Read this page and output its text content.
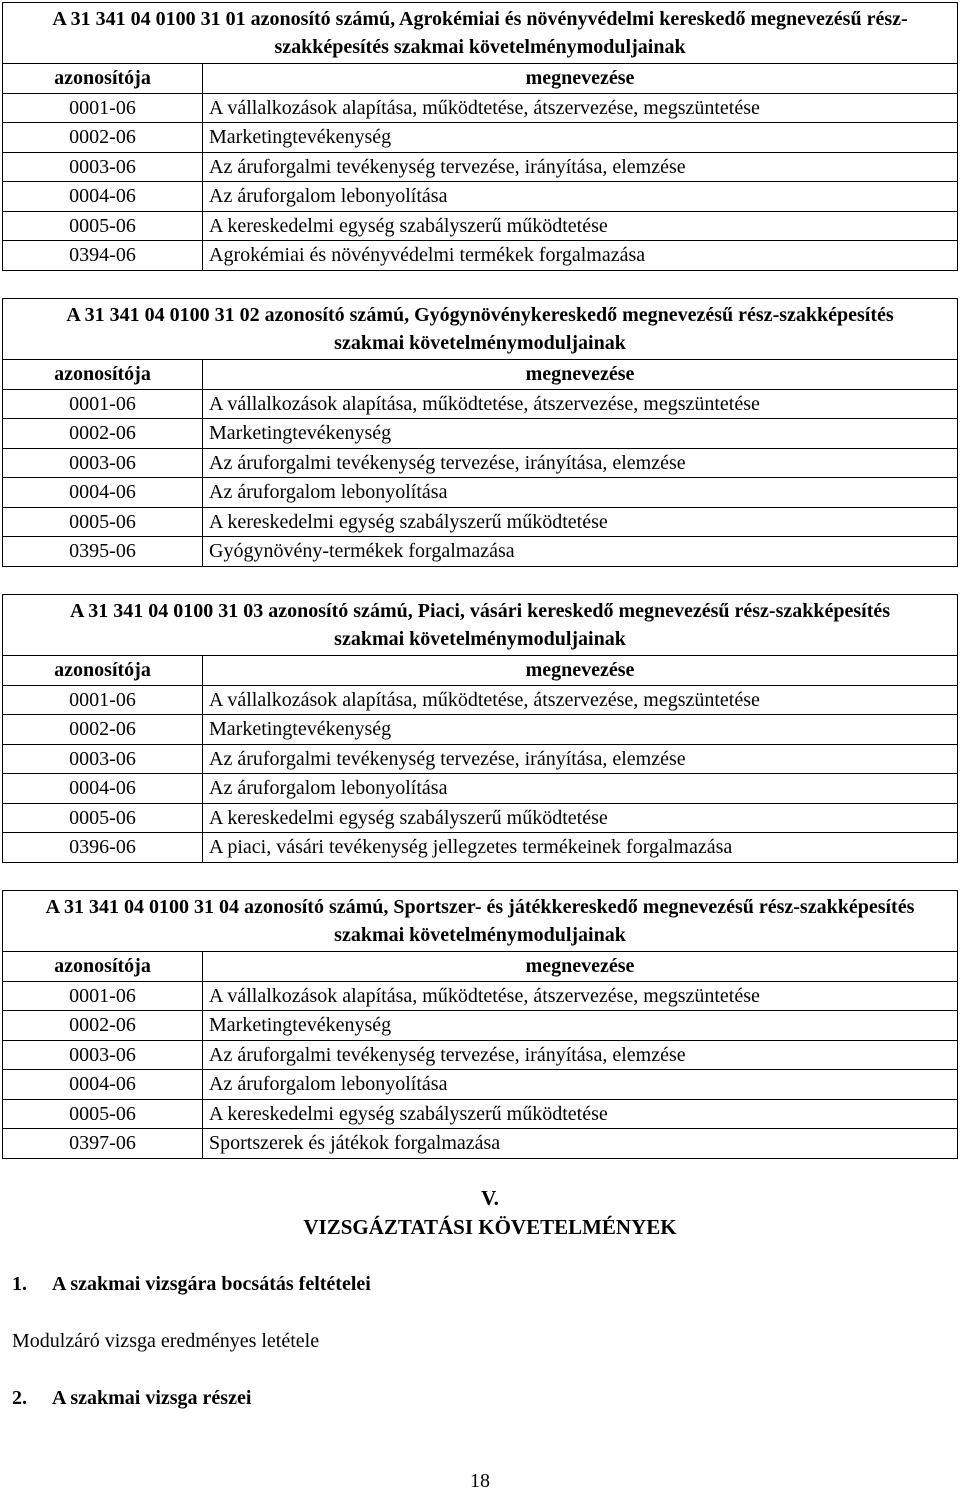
A 31 341 04 0100 31 01 azonosító számú, Agrokémiai és növényvédelmi kereskedő megnevezésű rész-szakképesítés szakmai követelménymoduljainak	
azonosítója	megnevezése
0001-06	A vállalkozások alapítása, működtetése, átszervezése, megszüntetése
0002-06	Marketingtevékenység
0003-06	Az áruforgalmi tevékenység tervezése, irányítása, elemzése
0004-06	Az áruforgalom lebonyolítása
0005-06	A kereskedelmi egység szabályszerű működtetése
0394-06	Agrokémiai és növényvédelmi termékek forgalmazása
A 31 341 04 0100 31 02 azonosító számú, Gyógynövénykereskedő megnevezésű rész-szakképesítés szakmai követelménymoduljainak	
azonosítója	megnevezése
0001-06	A vállalkozások alapítása, működtetése, átszervezése, megszüntetése
0002-06	Marketingtevékenység
0003-06	Az áruforgalmi tevékenység tervezése, irányítása, elemzése
0004-06	Az áruforgalom lebonyolítása
0005-06	A kereskedelmi egység szabályszerű működtetése
0395-06	Gyógynövény-termékek forgalmazása
A 31 341 04 0100 31 03 azonosító számú, Piaci, vásári kereskedő megnevezésű rész-szakképesítés szakmai követelménymoduljainak	
azonosítója	megnevezése
0001-06	A vállalkozások alapítása, működtetése, átszervezése, megszüntetése
0002-06	Marketingtevékenység
0003-06	Az áruforgalmi tevékenység tervezése, irányítása, elemzése
0004-06	Az áruforgalom lebonyolítása
0005-06	A kereskedelmi egység szabályszerű működtetése
0396-06	A piaci, vásári tevékenység jellegzetes termékeinek forgalmazása
A 31 341 04 0100 31 04 azonosító számú, Sportszer- és játékkereskedő megnevezésű rész-szakképesítés szakmai követelménymoduljainak	
azonosítója	megnevezése
0001-06	A vállalkozások alapítása, működtetése, átszervezése, megszüntetése
0002-06	Marketingtevékenység
0003-06	Az áruforgalmi tevékenység tervezése, irányítása, elemzése
0004-06	Az áruforgalom lebonyolítása
0005-06	A kereskedelmi egység szabályszerű működtetése
0397-06	Sportszerek és játékok forgalmazása
V.
VIZSGÁZTATÁSI KÖVETELMÉNYEK
1. A szakmai vizsgára bocsátás feltételei
Modulzáró vizsga eredményes letétele
2. A szakmai vizsga részei
18
